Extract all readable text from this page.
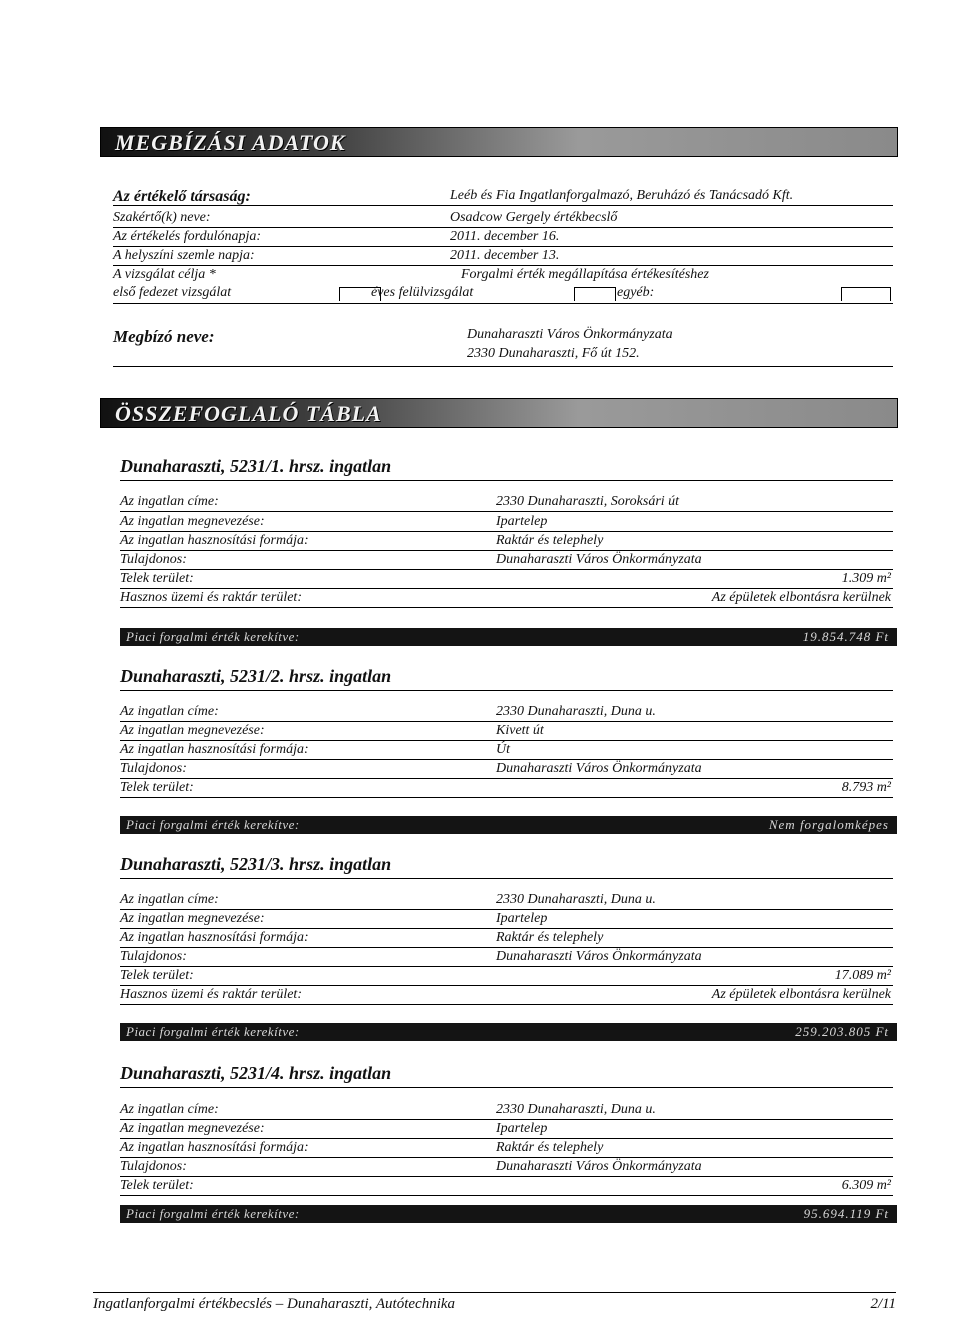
MEGBÍZÁSI ADATOK
Az értékelő társaság:	Leéb és Fia Ingatlanforgalmazó, Beruházó és Tanácsadó Kft.
Szakértő(k) neve:	Osadcow Gergely értékbecslő
Az értékelés fordulónapja:	2011. december 16.
A helyszíni szemle napja:	2011. december 13.
A vizsgálat célja *	Forgalmi érték megállapítása értékesítéshez
első fedezet vizsgálat	éves felülvizsgálat	egyéb:
Megbízó neve:	Dunaharaszti Város Önkormányzata
2330 Dunaharaszti, Fő út 152.
ÖSSZEFOGLALÓ TÁBLA
Dunaharaszti, 5231/1. hrsz. ingatlan
Az ingatlan címe:	2330 Dunaharaszti, Soroksári út
Az ingatlan megnevezése:	Ipartelep
Az ingatlan hasznosítási formája:	Raktár és telephely
Tulajdonos:	Dunaharaszti Város Önkormányzata
Telek terület:	1.309 m²
Hasznos üzemi és raktár terület:	Az épületek elbontásra kerülnek
Piaci forgalmi érték kerekítve:	19.854.748 Ft
Dunaharaszti, 5231/2. hrsz. ingatlan
Az ingatlan címe:	2330 Dunaharaszti, Duna u.
Az ingatlan megnevezése:	Kivett út
Az ingatlan hasznosítási formája:	Út
Tulajdonos:	Dunaharaszti Város Önkormányzata
Telek terület:	8.793 m²
Piaci forgalmi érték kerekítve:	Nem forgalomképes
Dunaharaszti, 5231/3. hrsz. ingatlan
Az ingatlan címe:	2330 Dunaharaszti, Duna u.
Az ingatlan megnevezése:	Ipartelep
Az ingatlan hasznosítási formája:	Raktár és telephely
Tulajdonos:	Dunaharaszti Város Önkormányzata
Telek terület:	17.089 m²
Hasznos üzemi és raktár terület:	Az épületek elbontásra kerülnek
Piaci forgalmi érték kerekítve:	259.203.805 Ft
Dunaharaszti, 5231/4. hrsz. ingatlan
Az ingatlan címe:	2330 Dunaharaszti, Duna u.
Az ingatlan megnevezése:	Ipartelep
Az ingatlan hasznosítási formája:	Raktár és telephely
Tulajdonos:	Dunaharaszti Város Önkormányzata
Telek terület:	6.309 m²
Piaci forgalmi érték kerekítve:	95.694.119 Ft
Ingatlanforgalmi értékbecslés – Dunaharaszti, Autótechnika	2/11
